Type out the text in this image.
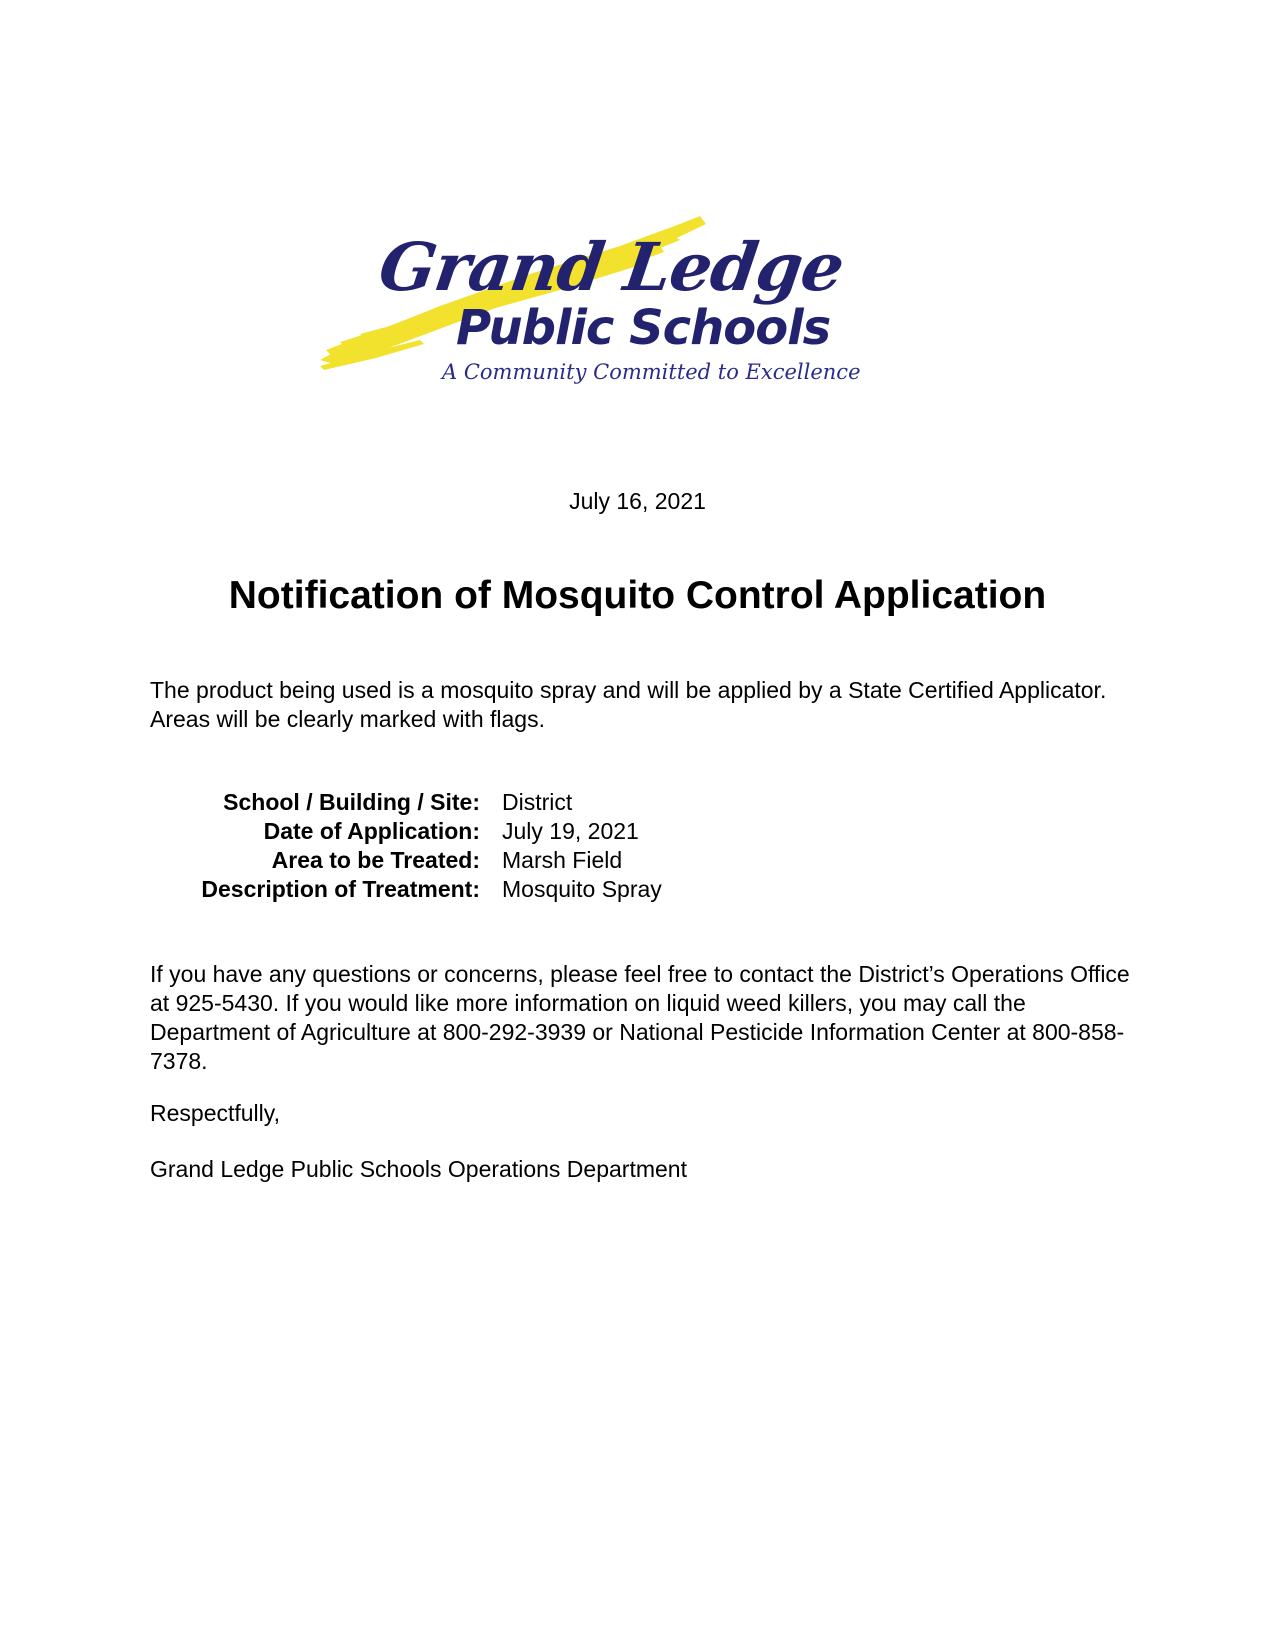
Grand Ledge
Public Schools
A Community Committed to Excellence
July 16, 2021
Notification of Mosquito Control Application

The product being used is a mosquito spray and will be applied by a State Certified Applicator. Areas will be clearly marked with flags.

School / Building / Site:	District
Date of Application:	July 19, 2021
Area to be Treated:	Marsh Field
Description of Treatment:	Mosquito Spray

If you have any questions or concerns, please feel free to contact the District’s Operations Office at 925-5430. If you would like more information on liquid weed killers, you may call the Department of Agriculture at 800-292-3939 or National Pesticide Information Center at 800-858-7378.

Respectfully,

Grand Ledge Public Schools Operations Department
